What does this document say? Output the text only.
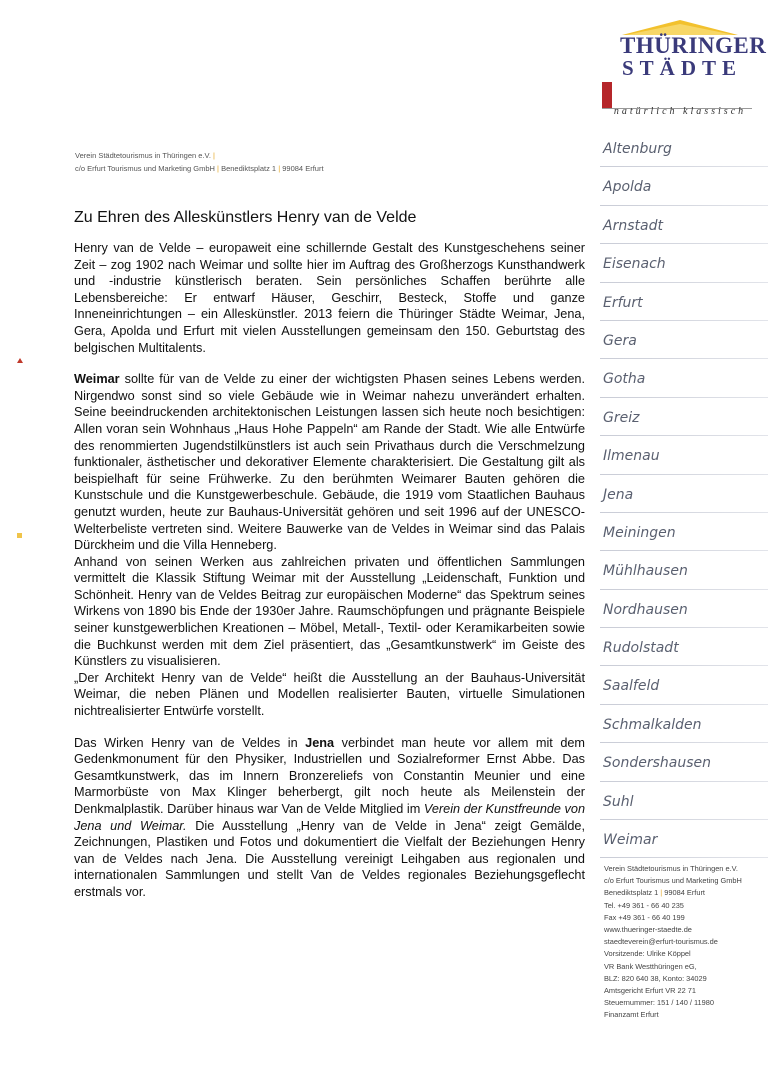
THÜRINGER
STÄDTE
natürlich klassisch
Verein Städtetourismus in Thüringen e.V. |
c/o Erfurt Tourismus und Marketing GmbH | Benediktsplatz 1 | 99084 Erfurt
Altenburg
Apolda
Arnstadt
Eisenach
Erfurt
Gera
Gotha
Greiz
Ilmenau
Jena
Meiningen
Mühlhausen
Nordhausen
Rudolstadt
Saalfeld
Schmalkalden
Sondershausen
Suhl
Weimar
Zu Ehren des Alleskünstlers Henry van de Velde

Henry van de Velde – europaweit eine schillernde Gestalt des Kunstgeschehens seiner Zeit – zog 1902 nach Weimar und sollte hier im Auftrag des Großherzogs Kunsthandwerk und -industrie künstlerisch beraten. Sein persönliches Schaffen berührte alle Lebensbereiche: Er entwarf Häuser, Geschirr, Besteck, Stoffe und ganze Inneneinrichtungen – ein Alleskünstler. 2013 feiern die Thüringer Städte Weimar, Jena, Gera, Apolda und Erfurt mit vielen Ausstellungen gemeinsam den 150. Geburtstag des belgischen Multitalents.

Weimar sollte für van de Velde zu einer der wichtigsten Phasen seines Lebens werden. Nirgendwo sonst sind so viele Gebäude wie in Weimar nahezu unverändert erhalten. Seine beeindruckenden architektonischen Leistungen lassen sich heute noch besichtigen: Allen voran sein Wohnhaus „Haus Hohe Pappeln“ am Rande der Stadt. Wie alle Entwürfe des renommierten Jugendstilkünstlers ist auch sein Privathaus durch die Verschmelzung funktionaler, ästhetischer und dekorativer Elemente charakterisiert. Die Gestaltung gilt als beispielhaft für seine Frühwerke. Zu den berühmten Weimarer Bauten gehören die Kunstschule und die Kunstgewerbeschule. Gebäude, die 1919 vom Staatlichen Bauhaus genutzt wurden, heute zur Bauhaus-Universität gehören und seit 1996 auf der UNESCO-Welterbeliste vertreten sind. Weitere Bauwerke van de Veldes in Weimar sind das Palais Dürckheim und die Villa Henneberg.

Anhand von seinen Werken aus zahlreichen privaten und öffentlichen Sammlungen vermittelt die Klassik Stiftung Weimar mit der Ausstellung „Leidenschaft, Funktion und Schönheit. Henry van de Veldes Beitrag zur europäischen Moderne“ das Spektrum seines Wirkens von 1890 bis Ende der 1930er Jahre. Raumschöpfungen und prägnante Beispiele seiner kunstgewerblichen Kreationen – Möbel, Metall-, Textil- oder Keramikarbeiten sowie die Buchkunst werden mit dem Ziel präsentiert, das „Gesamtkunstwerk“ im Geiste des Künstlers zu visualisieren.

„Der Architekt Henry van de Velde“ heißt die Ausstellung an der Bauhaus-Universität Weimar, die neben Plänen und Modellen realisierter Bauten, virtuelle Simulationen nichtrealisierter Entwürfe vorstellt.

Das Wirken Henry van de Veldes in Jena verbindet man heute vor allem mit dem Gedenkmonument für den Physiker, Industriellen und Sozialreformer Ernst Abbe. Das Gesamtkunstwerk, das im Innern Bronzereliefs von Constantin Meunier und eine Marmorbüste von Max Klinger beherbergt, gilt noch heute als Meilenstein der Denkmalplastik. Darüber hinaus war Van de Velde Mitglied im Verein der Kunstfreunde von Jena und Weimar. Die Ausstellung „Henry van de Velde in Jena“ zeigt Gemälde, Zeichnungen, Plastiken und Fotos und dokumentiert die Vielfalt der Beziehungen Henry van de Veldes nach Jena. Die Ausstellung vereinigt Leihgaben aus regionalen und internationalen Sammlungen und stellt Van de Veldes regionales Beziehungsgeflecht erstmals vor.

Verein Städtetourismus in Thüringen e.V.
c/o Erfurt Tourismus und Marketing GmbH
Benediktsplatz 1 | 99084 Erfurt
Tel. +49 361 - 66 40 235
Fax +49 361 - 66 40 199
www.thueringer-staedte.de
staedteverein@erfurt-tourismus.de
Vorsitzende: Ulrike Köppel
VR Bank Westthüringen eG,
BLZ: 820 640 38, Konto: 34029
Amtsgericht Erfurt VR 22 71
Steuernummer: 151 / 140 / 11980
Finanzamt Erfurt
